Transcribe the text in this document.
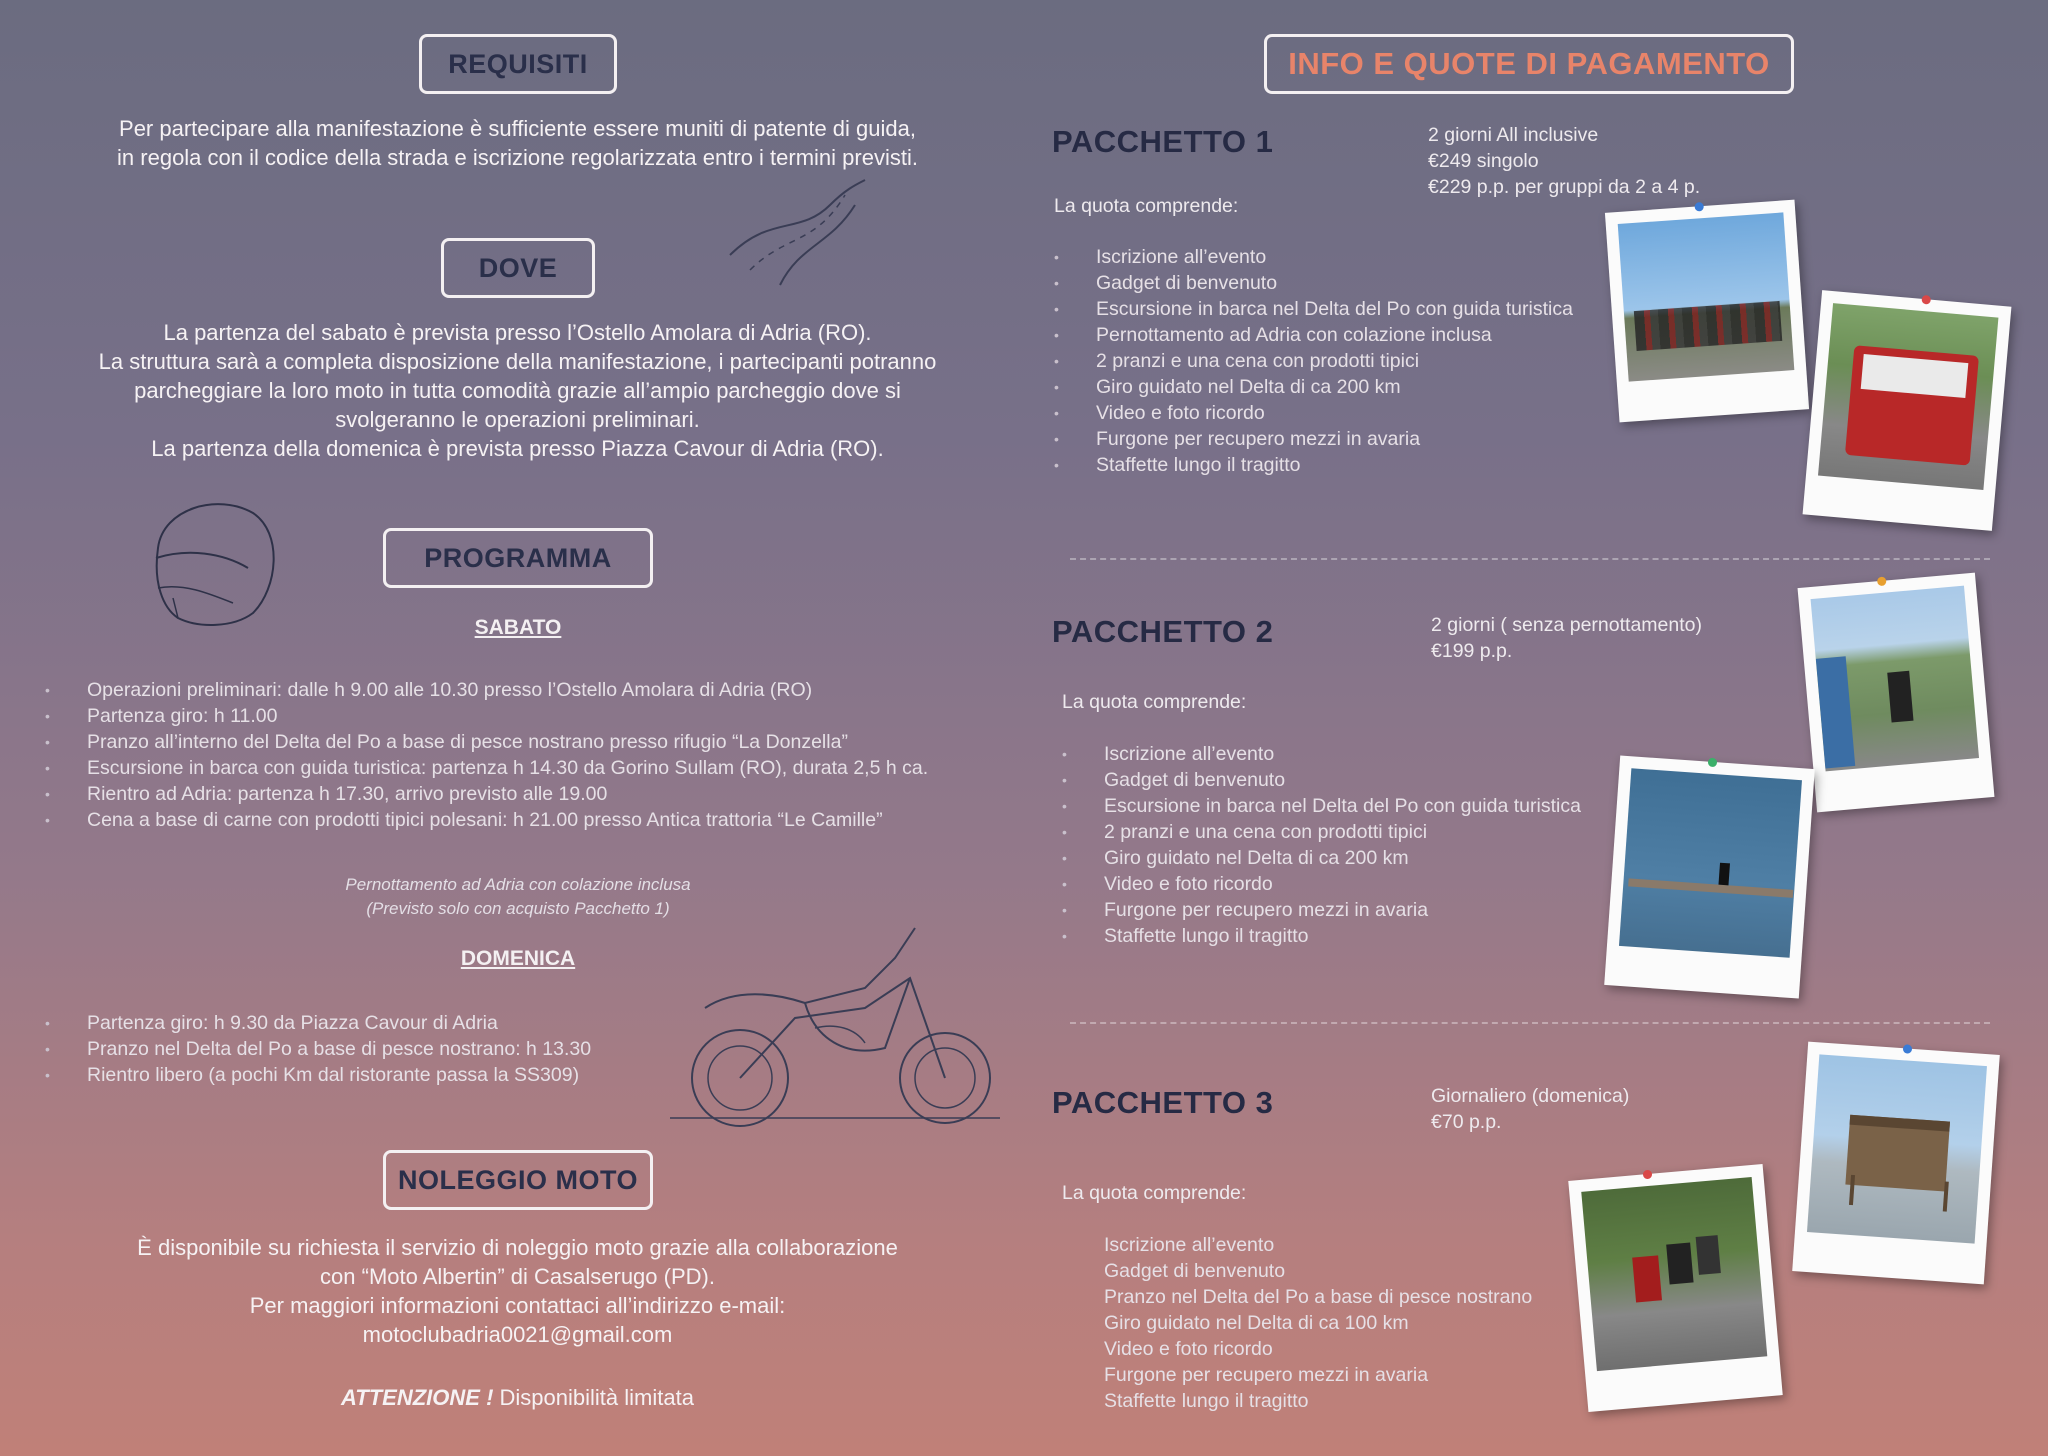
REQUISITI
Per partecipare alla manifestazione è sufficiente essere muniti di patente di guida,
in regola con il codice della strada e iscrizione regolarizzata entro i termini previsti.
DOVE
La partenza del sabato è prevista presso l’Ostello Amolara di Adria (RO).
La struttura sarà a completa disposizione della manifestazione, i partecipanti potranno
parcheggiare la loro moto in tutta comodità grazie all’ampio parcheggio dove si
svolgeranno le operazioni preliminari.
La partenza della domenica è prevista presso Piazza Cavour di Adria (RO).
PROGRAMMA
SABATO
• Operazioni preliminari: dalle h 9.00 alle 10.30 presso l’Ostello Amolara di Adria (RO)
• Partenza giro: h 11.00
• Pranzo all’interno del Delta del Po a base di pesce nostrano presso rifugio “La Donzella”
• Escursione in barca con guida turistica: partenza h 14.30 da Gorino Sullam (RO), durata 2,5 h ca.
• Rientro ad Adria: partenza h 17.30, arrivo previsto alle 19.00
• Cena a base di carne con prodotti tipici polesani: h 21.00 presso Antica trattoria “Le Camille”
Pernottamento ad Adria con colazione inclusa
(Previsto solo con acquisto Pacchetto 1)
DOMENICA
• Partenza giro: h 9.30 da Piazza Cavour di Adria
• Pranzo nel Delta del Po a base di pesce nostrano: h 13.30
• Rientro libero (a pochi Km dal ristorante passa la SS309)
NOLEGGIO MOTO
È disponibile su richiesta il servizio di noleggio moto grazie alla collaborazione
con “Moto Albertin” di Casalserugo (PD).
Per maggiori informazioni contattaci all’indirizzo e-mail:
motoclubadria0021@gmail.com
ATTENZIONE ! Disponibilità limitata
INFO E QUOTE DI PAGAMENTO
PACCHETTO 1	2 giorni All inclusive
€249 singolo
€229 p.p. per gruppi da 2 a 4 p.
La quota comprende:
• Iscrizione all’evento
• Gadget di benvenuto
• Escursione in barca nel Delta del Po con guida turistica
• Pernottamento ad Adria con colazione inclusa
• 2 pranzi e una cena con prodotti tipici
• Giro guidato nel Delta di ca 200 km
• Video e foto ricordo
• Furgone per recupero mezzi in avaria
• Staffette lungo il tragitto
PACCHETTO 2	2 giorni ( senza pernottamento)
€199 p.p.
La quota comprende:
• Iscrizione all’evento
• Gadget di benvenuto
• Escursione in barca nel Delta del Po con guida turistica
• 2 pranzi e una cena con prodotti tipici
• Giro guidato nel Delta di ca 200 km
• Video e foto ricordo
• Furgone per recupero mezzi in avaria
• Staffette lungo il tragitto
PACCHETTO 3	Giornaliero (domenica)
€70 p.p.
La quota comprende:
Iscrizione all’evento
Gadget di benvenuto
Pranzo nel Delta del Po a base di pesce nostrano
Giro guidato nel Delta di ca 100 km
Video e foto ricordo
Furgone per recupero mezzi in avaria
Staffette lungo il tragitto
